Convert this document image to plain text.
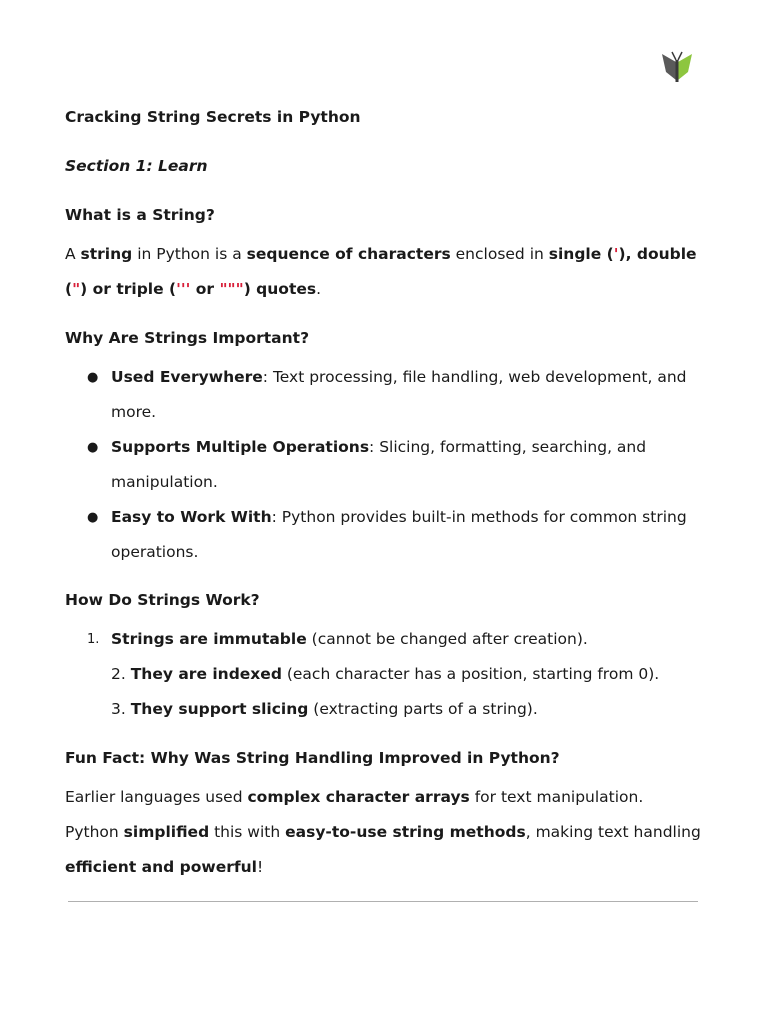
Cracking String Secrets in Python
Section 1: Learn
What is a String?
A string in Python is a sequence of characters enclosed in single ('), double
(") or triple (''' or """) quotes.
Why Are Strings Important?
● Used Everywhere: Text processing, file handling, web development, and
more.
● Supports Multiple Operations: Slicing, formatting, searching, and
manipulation.
● Easy to Work With: Python provides built-in methods for common string
operations.
How Do Strings Work?
1. Strings are immutable (cannot be changed after creation).
2. They are indexed (each character has a position, starting from 0).
3. They support slicing (extracting parts of a string).
Fun Fact: Why Was String Handling Improved in Python?
Earlier languages used complex character arrays for text manipulation.
Python simplified this with easy-to-use string methods, making text handling
efficient and powerful!
